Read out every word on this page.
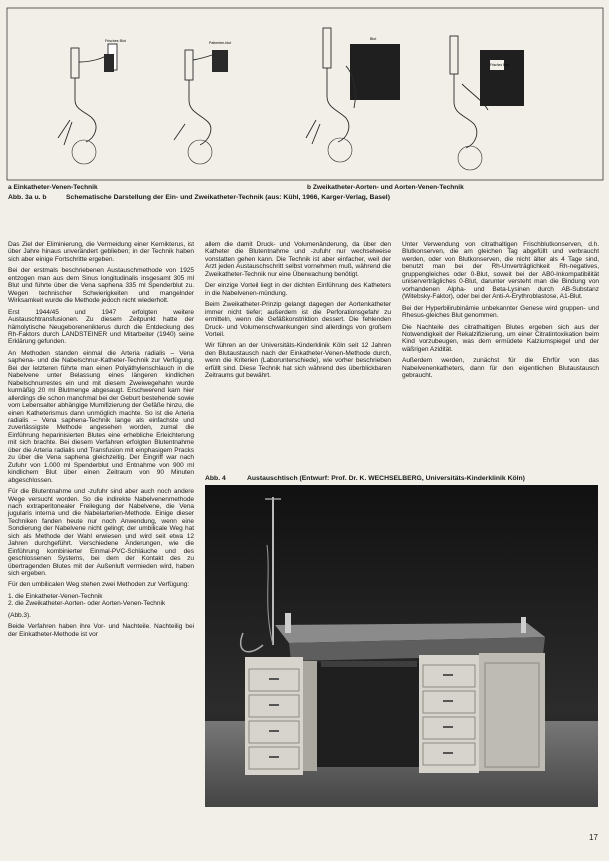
Frisches Blut	Patienten-blut
Blut
Frisches Blut
a Einkatheter-Venen-Technik	b Zweikatheter-Aorten- und Aorten-Venen-Technik
Abb. 3a u. b	Schematische Darstellung der Ein- und Zweikatheter-Technik (aus: Kühl, 1966, Karger-Verlag, Basel)

Das Ziel der Eliminierung, die Vermeidung einer Kernikterus, ist über Jahre hinaus unverändert geblieben; in der Technik haben sich aber einige Fortschritte ergeben.

Bei der erstmals beschriebenen Austauschmethode von 1925 entzogen man aus dem Sinus longitudinalis insgesamt 305 ml Blut und führte über die Vena saphena 335 ml Spenderblut zu. Wegen technischer Schwierigkeiten und mangelnder Wirksamkeit wurde die Methode jedoch nicht wiederholt.

Erst 1944/45 und 1947 erfolgten weitere Austauschtransfusionen. Zu diesem Zeitpunkt hatte der hämolytische Neugeborenenikterus durch die Entdeckung des Rh-Faktors durch LANDSTEINER und Mitarbeiter (1940) seine Erklärung gefunden.

An Methoden standen einmal die Arteria radialis – Vena saphena- und die Nabelschnur-Katheter-Technik zur Verfügung. Bei der letzteren führte man einen Polyäthylenschlauch in die Nabelvene unter Belassung eines längeren kindlichen Nabelschnurrestes ein und mit diesem Zweiwegehahn wurde kurmäßig 20 ml Blutmenge abgesaugt. Erschwerend kam hier allerdings die schon manchmal bei der Geburt bestehende sowie vom Lebensalter abhängige Mumifizierung der Gefäße hinzu, die einen Katheterismus dann unmöglich machte. So ist die Arteria radialis – Vena saphena-Technik lange als einfachste und zuverlässigste Methode angesehen worden, zumal die Einführung heparinisierten Blutes eine erhebliche Erleichterung mit sich brachte. Bei diesem Verfahren erfolgten Blutentnahme über die Arteria radialis und Transfusion mit einphasigem Pracks zu über die Vena saphena gleichzeitig. Der Eingriff war nach Zufuhr von 1.000 ml Spenderblut und Entnahme von 900 ml kindlichem Blut über einen Zeitraum von 90 Minuten abgeschlossen.

Für die Blutentnahme und -zufuhr sind aber auch noch andere Wege versucht worden. So die indirekte Nabelvenenmethode nach extraperitonealer Freilegung der Nabelvene, die Vena jugularis interna und die Nabelarterien-Methode. Einige dieser Techniken fanden heute nur noch Anwendung, wenn eine Sondierung der Nabelvene nicht gelingt; der umbilicale Weg hat sich als Methode der Wahl erwiesen und wird seit etwa 12 Jahren durchgeführt. Verschiedene Änderungen, wie die Einführung kombinierter Einmal-PVC-Schläuche und des geschlossenen Systems, bei dem der Kontakt des zu übertragenden Blutes mit der Außenluft vermieden wird, haben sich ergeben.

Für den umbilicalen Weg stehen zwei Methoden zur Verfügung:

1. die Einkatheter-Venen-Technik
2. die Zweikatheter-Aorten- oder Aorten-Venen-Technik

(Abb.3).

Beide Verfahren haben ihre Vor- und Nachteile. Nachteilig bei der Einkatheter-Methode ist vor

allem die damit Druck- und Volumenänderung, da über den Katheter die Blutentnahme und -zufuhr nur wechselweise vonstatten gehen kann. Die Technik ist aber einfacher, weil der Arzt jeden Austauschschritt selbst vornehmen muß, während die Zweikatheter-Technik nur eine Überwachung benötigt.

Der einzige Vorteil liegt in der dichten Einführung des Katheters in die Nabelvenen-mündung.

Beim Zweikatheter-Prinzip gelangt dagegen der Aortenkatheter immer nicht tiefer; außerdem ist die Perforationsgefahr zu ermitteln, wenn die Gefäßkonstriktion dessert. Die fehlenden Druck- und Volumenschwankungen sind allerdings von großem Vorteil.

Wir führen an der Universitäts-Kinderklinik Köln seit 12 Jahren den Blutaustausch nach der Einkatheter-Venen-Methode durch, wenn die Kriterien (Laborunterschiede), wie vorher beschrieben erfüllt sind. Diese Technik hat sich während des überblickbaren Zeitraums gut bewährt.

Unter Verwendung von citrathaltigen Frischblutkonserven, d.h. Blutkonserven, die am gleichen Tag abgefüllt und verbraucht werden, oder von Blutkonserven, die nicht älter als 4 Tage sind, benutzt man bei der Rh-Unverträglichkeit Rh-negatives, gruppengleiches oder 0-Blut, soweit bei der AB0-Inkompatibilität uniserverträgliches 0-Blut, darunter versteht man die Bindung von vorhandenen Alpha- und Beta-Lysinen durch AB-Substanz (Witebsky-Faktor), oder bei der Anti-A-Erythroblastose, A1-Blut.

Bei der Hyperbilirubinämie unbekannter Genese wird gruppen- und Rhesus-gleiches Blut genommen.

Die Nachteile des citrathaltigen Blutes ergeben sich aus der Notwendigkeit der Rekalzifizierung, um einer Citratintoxikation beim Kind vorzubeugen, was dem ermüdete Kalziumspiegel und der wäßrigen Azidität.

Außerdem werden, zunächst für die Ehrfür von das Nabelvenenkatheters, dann für den eigentlichen Blutaustausch gebraucht.

Abb. 4	Austauschtisch (Entwurf: Prof. Dr. K. WECHSELBERG, Universitäts-Kinderklinik Köln)
17
